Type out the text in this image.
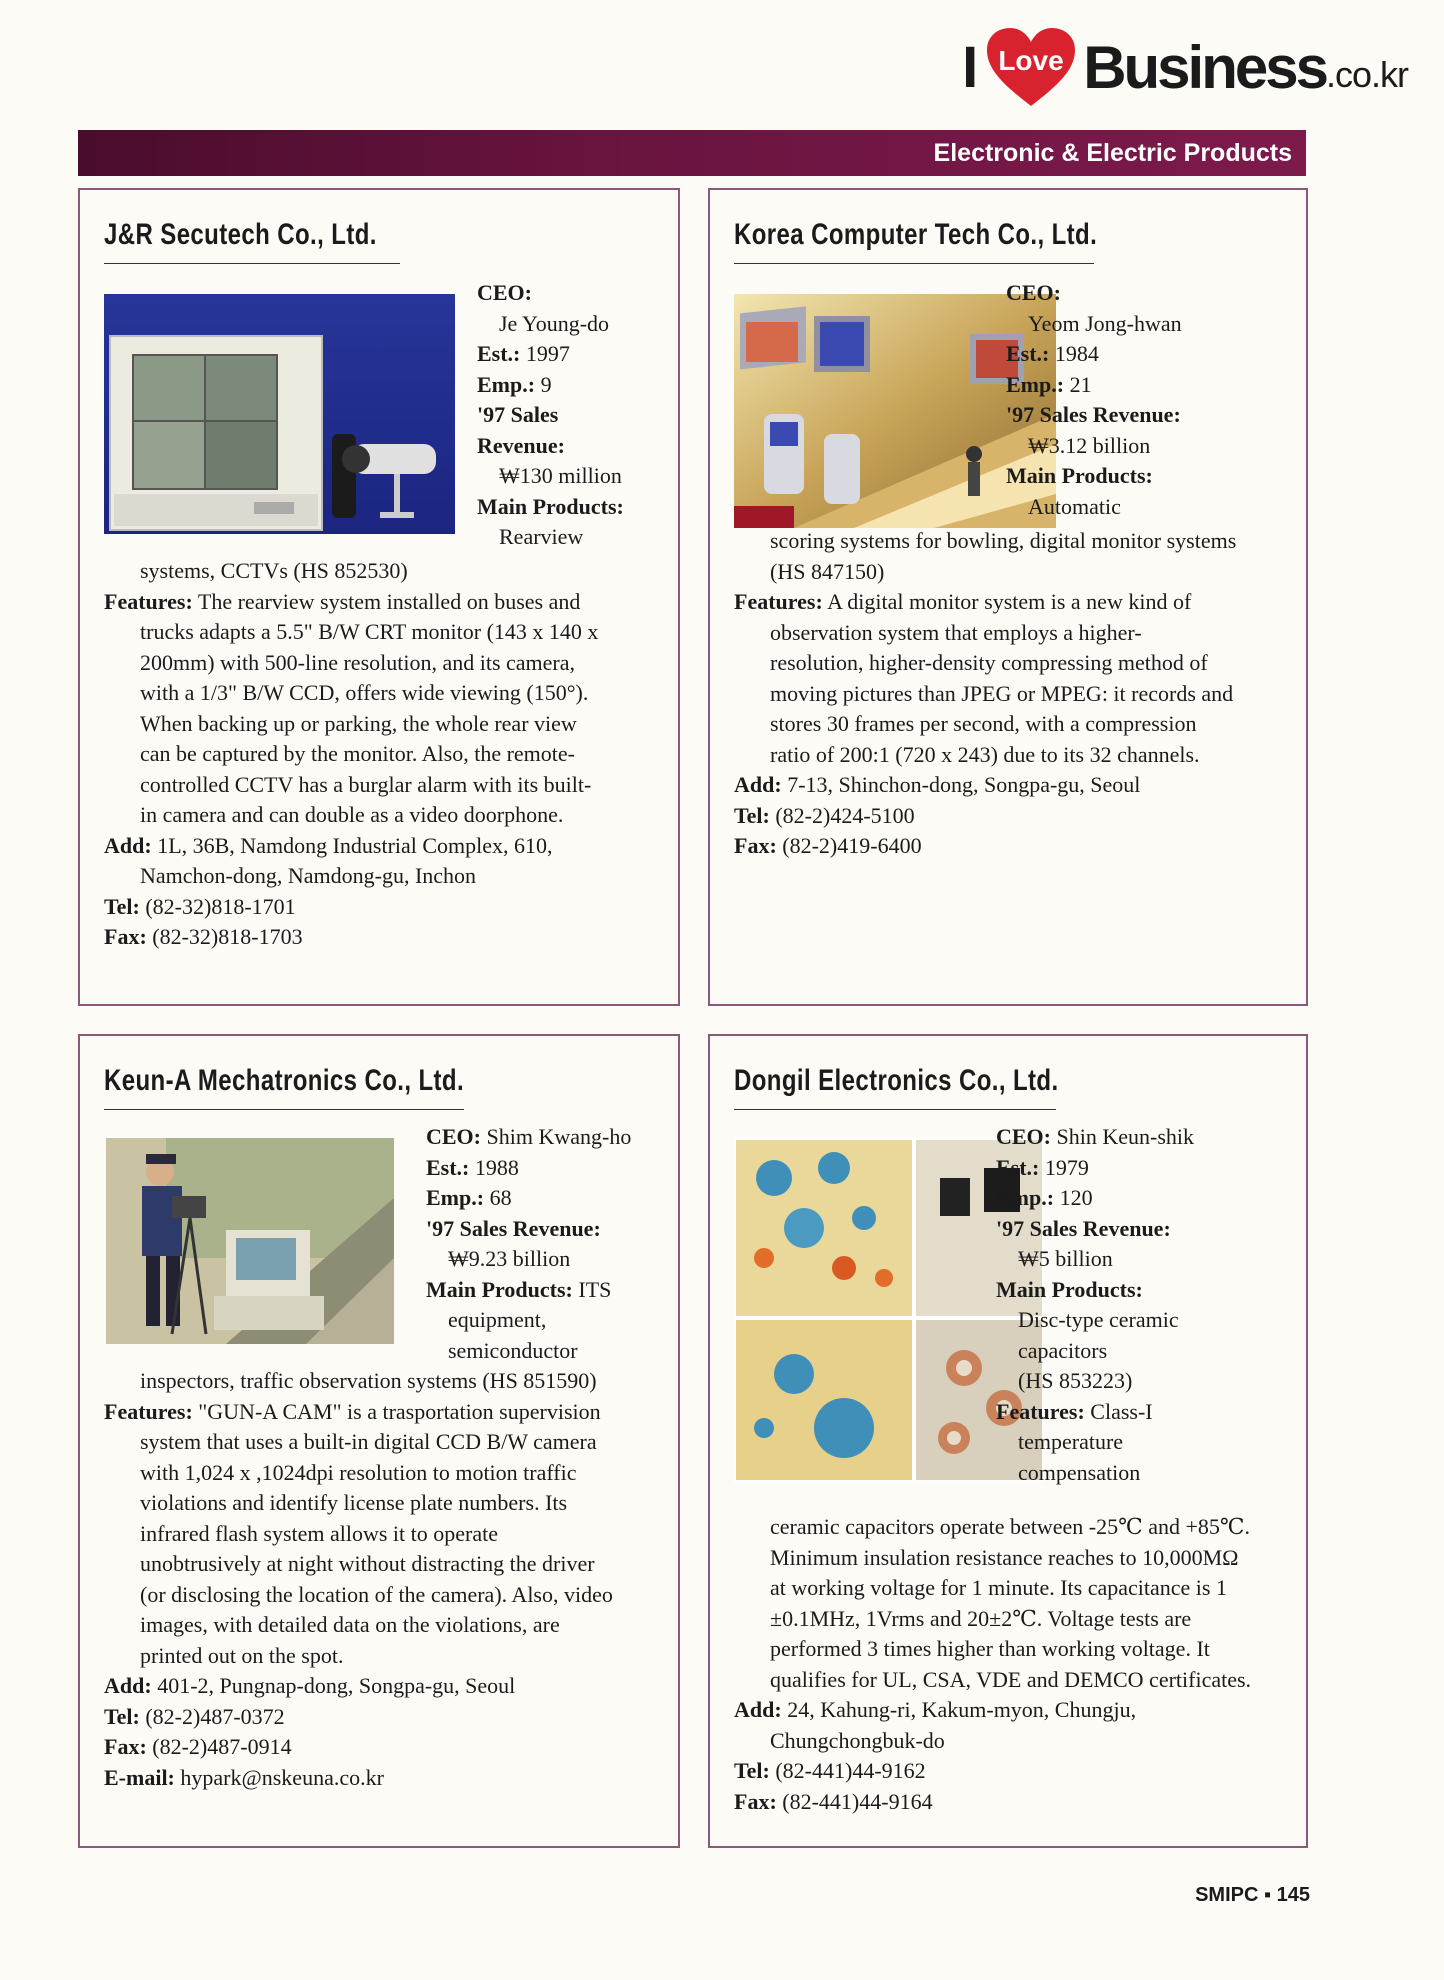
I Love Business .co.kr
Electronic & Electric Products
J&R Secutech Co., Ltd.
CEO:
Je Young-do
Est.: 1997
Emp.: 9
'97 Sales
Revenue:
₩130 million
Main Products:
Rearview
systems, CCTVs (HS 852530)
Features: The rearview system installed on buses and
trucks adapts a 5.5" B/W CRT monitor (143 x 140 x
200mm) with 500-line resolution, and its camera,
with a 1/3" B/W CCD, offers wide viewing (150°).
When backing up or parking, the whole rear view
can be captured by the monitor. Also, the remote-
controlled CCTV has a burglar alarm with its built-
in camera and can double as a video doorphone.
Add: 1L, 36B, Namdong Industrial Complex, 610,
Namchon-dong, Namdong-gu, Inchon
Tel: (82-32)818-1701
Fax: (82-32)818-1703
Korea Computer Tech Co., Ltd.
CEO:
Yeom Jong-hwan
Est.: 1984
Emp.: 21
'97 Sales Revenue:
₩3.12 billion
Main Products:
Automatic
scoring systems for bowling, digital monitor systems
(HS 847150)
Features: A digital monitor system is a new kind of
observation system that employs a higher-
resolution, higher-density compressing method of
moving pictures than JPEG or MPEG: it records and
stores 30 frames per second, with a compression
ratio of 200:1 (720 x 243) due to its 32 channels.
Add: 7-13, Shinchon-dong, Songpa-gu, Seoul
Tel: (82-2)424-5100
Fax: (82-2)419-6400
Keun-A Mechatronics Co., Ltd.
CEO: Shim Kwang-ho
Est.: 1988
Emp.: 68
'97 Sales Revenue:
₩9.23 billion
Main Products: ITS
equipment,
semiconductor
inspectors, traffic observation systems (HS 851590)
Features: "GUN-A CAM" is a trasportation supervision
system that uses a built-in digital CCD B/W camera
with 1,024 x ,1024dpi resolution to motion traffic
violations and identify license plate numbers. Its
infrared flash system allows it to operate
unobtrusively at night without distracting the driver
(or disclosing the location of the camera). Also, video
images, with detailed data on the violations, are
printed out on the spot.
Add: 401-2, Pungnap-dong, Songpa-gu, Seoul
Tel: (82-2)487-0372
Fax: (82-2)487-0914
E-mail: hypark@nskeuna.co.kr
Dongil Electronics Co., Ltd.
CEO: Shin Keun-shik
Est.: 1979
Emp.: 120
'97 Sales Revenue:
₩5 billion
Main Products:
Disc-type ceramic
capacitors
(HS 853223)
Features: Class-I
temperature
compensation
ceramic capacitors operate between -25℃ and +85℃.
Minimum insulation resistance reaches to 10,000MΩ
at working voltage for 1 minute. Its capacitance is 1
±0.1MHz, 1Vrms and 20±2℃. Voltage tests are
performed 3 times higher than working voltage. It
qualifies for UL, CSA, VDE and DEMCO certificates.
Add: 24, Kahung-ri, Kakum-myon, Chungju,
Chungchongbuk-do
Tel: (82-441)44-9162
Fax: (82-441)44-9164
SMIPC ▪ 145
